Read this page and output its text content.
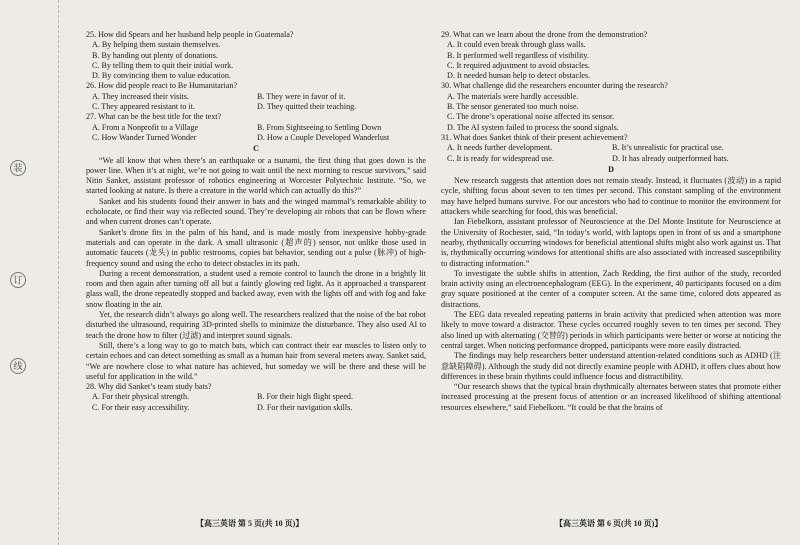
装
订
线

25. How did Spears and her husband help people in Guatemala?

A. By helping them sustain themselves.

B. By handing out plenty of donations.

C. By telling them to quit their initial work.

D. By convincing them to value education.

26. How did people react to Be Humanitarian?

A. They increased their visits.	B. They were in favor of it.

C. They appeared resistant to it.	D. They quitted their teaching.

27. What can be the best title for the text?

A. From a Nonprofit to a Village	B. From Sightseeing to Settling Down

C. How Wander Turned Wonder	D. How a Couple Developed Wanderlust

C

“We all know that when there’s an earthquake or a tsunami, the first thing that goes down is the power line. When it’s at night, we’re not going to wait until the next morning to rescue survivors,” said Nitin Sanket, assistant professor of robotics engineering at Worcester Polytechnic Institute. “So, we started looking at nature. Is there a creature in the world which can actually do this?”

Sanket and his students found their answer in bats and the winged mammal’s remarkable ability to echolocate, or find their way via reflected sound. They’re developing air robots that can be flown where and when current drones can’t operate.

Sanket’s drone fits in the palm of his hand, and is made mostly from inexpensive hobby-grade materials and can operate in the dark. A small ultrasonic (超声的) sensor, not unlike those used in automatic faucets (龙头) in public restrooms, copies bat behavior, sending out a pulse (脉冲) of high-frequency sound and using the echo to detect obstacles in its path.

During a recent demonstration, a student used a remote control to launch the drone in a brightly lit room and then again after turning off all but a faintly glowing red light. As it approached a transparent glass wall, the drone repeatedly stopped and backed away, even with the lights off and with fog and fake snow floating in the air.

Yet, the research didn’t always go along well. The researchers realized that the noise of the bat robot disturbed the ultrasound, requiring 3D-printed shells to minimize the disturbance. They also used AI to teach the drone how to filter (过滤) and interpret sound signals.

Still, there’s a long way to go to match bats, which can contract their ear muscles to listen only to certain echoes and can detect something as small as a human hair from several meters away. Sanket said, “We are nowhere close to what nature has achieved, but someday we will be there and these will be useful for application in the wild.”

28. Why did Sanket’s team study bats?

A. For their physical strength.	B. For their high flight speed.

C. For their easy accessibility.	D. For their navigation skills.

29. What can we learn about the drone from the demonstration?

A. It could even break through glass walls.

B. It performed well regardless of visibility.

C. It required adjustment to avoid obstacles.

D. It needed human help to detect obstacles.

30. What challenge did the researchers encounter during the research?

A. The materials were hardly accessible.

B. The sensor generated too much noise.

C. The drone’s operational noise affected its sensor.

D. The AI system failed to process the sound signals.

31. What does Sanket think of their present achievement?

A. It needs further development.	B. It’s unrealistic for practical use.

C. It is ready for widespread use.	D. It has already outperformed bats.

D

New research suggests that attention does not remain steady. Instead, it fluctuates (波动) in a rapid cycle, shifting focus about seven to ten times per second. This constant sampling of the environment may have helped humans survive. For our ancestors who had to continue to monitor the environment for attackers while searching for food, this was beneficial.

Ian Fiebelkorn, assistant professor of Neuroscience at the Del Monte Institute for Neuroscience at the University of Rochester, said, “In today’s world, with laptops open in front of us and a smartphone nearby, rhythmically occurring windows for beneficial attentional shifts might also work against us. That is, rhythmically occurring windows for attentional shifts are also associated with increased susceptibility to distracting information.”

To investigate the subtle shifts in attention, Zach Redding, the first author of the study, recorded brain activity using an electroencephalogram (EEG). In the experiment, 40 participants focused on a dim gray square positioned at the center of a computer screen. At the same time, colored dots appeared as distractions.

The EEG data revealed repeating patterns in brain activity that predicted when attention was more likely to move toward a distractor. These cycles occurred roughly seven to ten times per second. They also lined up with alternating (交替的) periods in which participants were better or worse at noticing the central target. When noticing performance dropped, participants were more easily distracted.

The findings may help researchers better understand attention-related conditions such as ADHD (注意缺陷障碍). Although the study did not directly examine people with ADHD, it offers clues about how differences in these brain rhythms could influence focus and distractibility.

“Our research shows that the typical brain rhythmically alternates between states that promote either increased processing at the present focus of attention or an increased likelihood of shifting attentional resources elsewhere,” said Fiebelkorn. “It could be that the brains of

【高三英语 第 5 页(共 10 页)】	【高三英语 第 6 页(共 10 页)】
